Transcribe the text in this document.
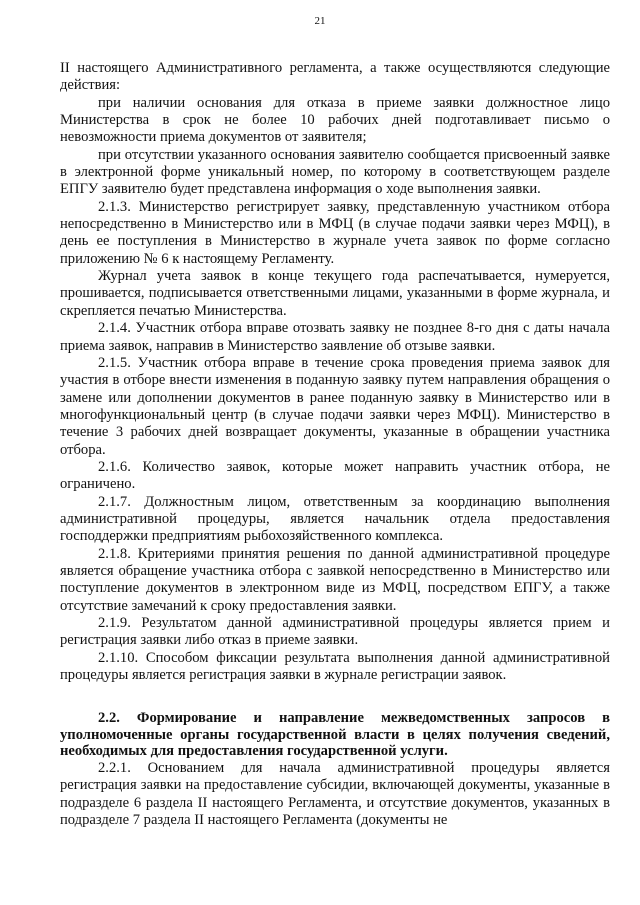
21

II настоящего Административного регламента, а также осуществляются следующие действия:

при наличии основания для отказа в приеме заявки должностное лицо Министерства в срок не более 10 рабочих дней подготавливает письмо о невозможности приема документов от заявителя;

при отсутствии указанного основания заявителю сообщается присвоенный заявке в электронной форме уникальный номер, по которому в соответствующем разделе ЕПГУ заявителю будет представлена информация о ходе выполнения заявки.

2.1.3. Министерство регистрирует заявку, представленную участником отбора непосредственно в Министерство или в МФЦ (в случае подачи заявки через МФЦ), в день ее поступления в Министерство в журнале учета заявок по форме согласно приложению № 6 к настоящему Регламенту.

Журнал учета заявок в конце текущего года распечатывается, нумеруется, прошивается, подписывается ответственными лицами, указанными в форме журнала, и скрепляется печатью Министерства.

2.1.4. Участник отбора вправе отозвать заявку не позднее 8-го дня с даты начала приема заявок, направив в Министерство заявление об отзыве заявки.

2.1.5. Участник отбора вправе в течение срока проведения приема заявок для участия в отборе внести изменения в поданную заявку путем направления обращения о замене или дополнении документов в ранее поданную заявку в Министерство или в многофункциональный центр (в случае подачи заявки через МФЦ). Министерство в течение 3 рабочих дней возвращает документы, указанные в обращении участника отбора.

2.1.6. Количество заявок, которые может направить участник отбора, не ограничено.

2.1.7. Должностным лицом, ответственным за координацию выполнения административной процедуры, является начальник отдела предоставления господдержки предприятиям рыбохозяйственного комплекса.

2.1.8. Критериями принятия решения по данной административной процедуре является обращение участника отбора с заявкой непосредственно в Министерство или поступление документов в электронном виде из МФЦ, посредством ЕПГУ, а также отсутствие замечаний к сроку предоставления заявки.

2.1.9. Результатом данной административной процедуры является прием и регистрация заявки либо отказ в приеме заявки.

2.1.10. Способом фиксации результата выполнения данной административной процедуры является регистрация заявки в журнале регистрации заявок.

2.2. Формирование и направление межведомственных запросов в уполномоченные органы государственной власти в целях получения сведений, необходимых для предоставления государственной услуги.

2.2.1. Основанием для начала административной процедуры является регистрация заявки на предоставление субсидии, включающей документы, указанные в подразделе 6 раздела II настоящего Регламента, и отсутствие документов, указанных в подразделе 7 раздела II настоящего Регламента (документы не
